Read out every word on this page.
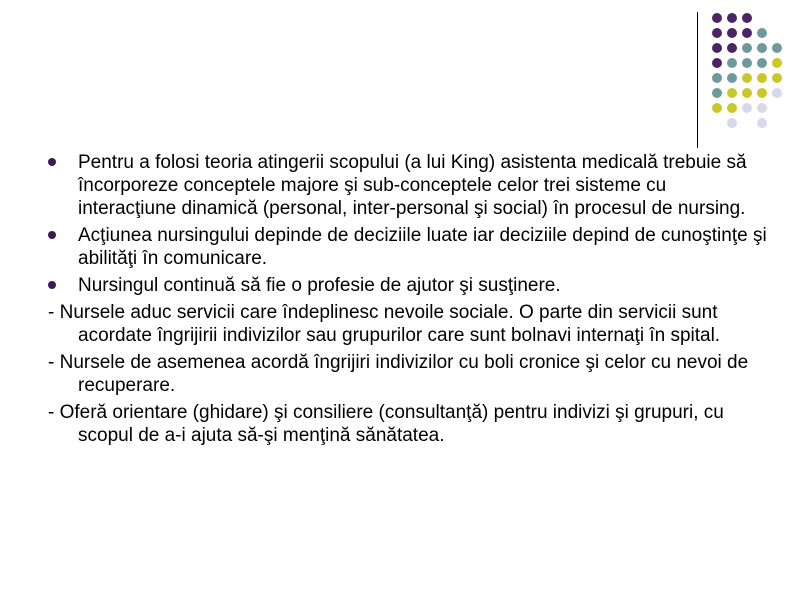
Pentru a folosi teoria atingerii scopului (a lui King) asistenta medicală trebuie să încorporeze conceptele majore şi sub-conceptele celor trei sisteme cu interacţiune dinamică (personal, inter-personal şi social) în procesul de nursing.
Acţiunea nursingului depinde de deciziile luate iar deciziile depind de cunoştinţe şi abilităţi în comunicare.
Nursingul continuă să fie o profesie de ajutor şi susţinere.
- Nursele aduc servicii care îndeplinesc nevoile sociale. O parte din servicii sunt acordate îngrijirii indivizilor sau grupurilor care sunt bolnavi internaţi în spital.
- Nursele de asemenea acordă îngrijiri indivizilor cu boli cronice şi celor cu nevoi de recuperare.
- Oferă orientare (ghidare) şi consiliere (consultanţă) pentru indivizi şi grupuri, cu scopul de a-i ajuta să-şi menţină sănătatea.
